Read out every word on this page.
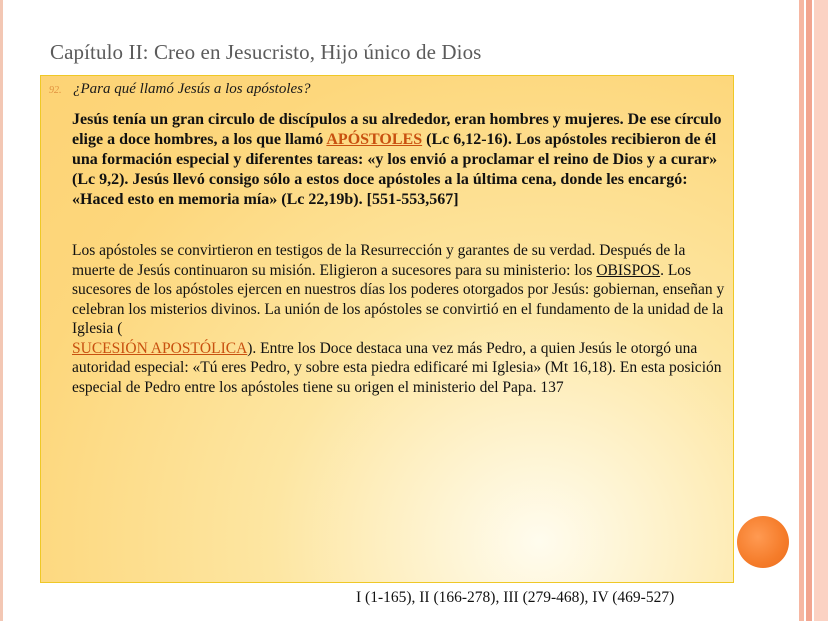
Capítulo II: Creo en Jesucristo, Hijo único de Dios
92. ¿Para qué llamó Jesús a los apóstoles?

Jesús tenía un gran circulo de discípulos a su alrededor, eran hombres y mujeres. De ese círculo elige a doce hombres, a los que llamó APÓSTOLES (Lc 6,12-16). Los apóstoles recibieron de él una formación especial y diferentes tareas: «y los envió a proclamar el reino de Dios y a curar» (Lc 9,2). Jesús llevó consigo sólo a estos doce apóstoles a la última cena, donde les encargó: «Haced esto en memoria mía» (Lc 22,19b). [551-553,567]

Los apóstoles se convirtieron en testigos de la Resurrección y garantes de su verdad. Después de la muerte de Jesús continuaron su misión. Eligieron a sucesores para su ministerio: los OBISPOS. Los sucesores de los apóstoles ejercen en nuestros días los poderes otorgados por Jesús: gobiernan, enseñan y celebran los misterios divinos. La unión de los apóstoles se convirtió en el fundamento de la unidad de la Iglesia (
SUCESIÓN APOSTÓLICA). Entre los Doce destaca una vez más Pedro, a quien Jesús le otorgó una autoridad especial: «Tú eres Pedro, y sobre esta piedra edificaré mi Iglesia» (Mt 16,18). En esta posición especial de Pedro entre los apóstoles tiene su origen el ministerio del Papa. 137

I (1-165), II (166-278), III (279-468), IV (469-527)
